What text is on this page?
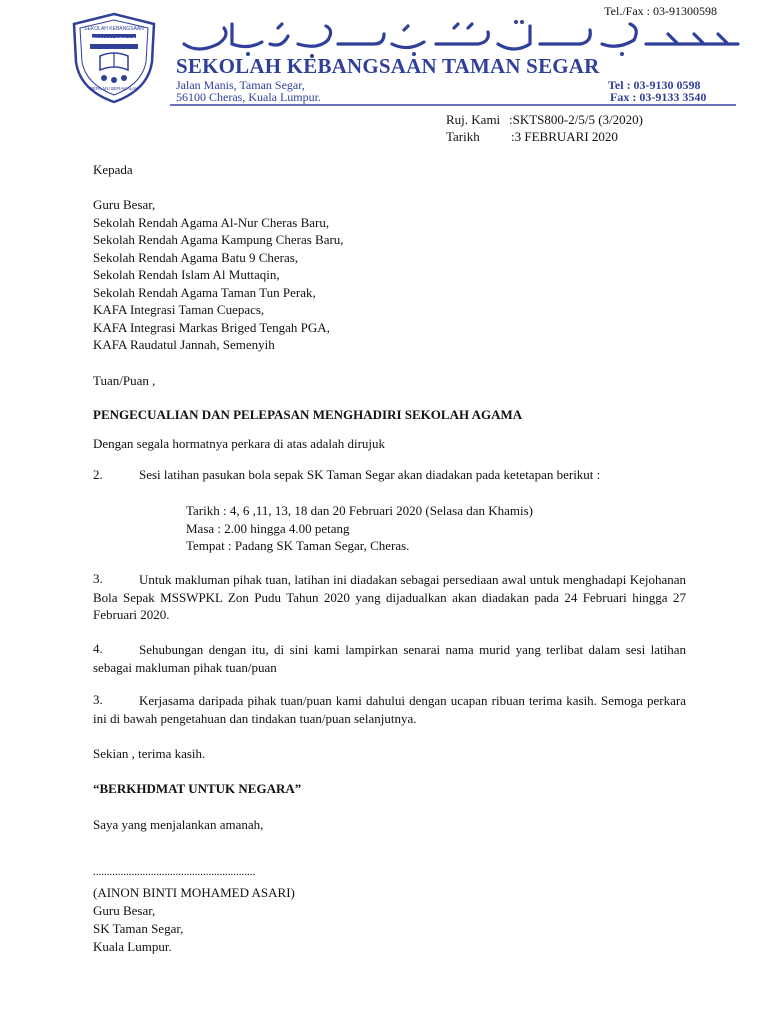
Tel./Fax : 03-91300598
SEKOLAH KEBANGSAAN
TAMAN SEGAR
BERILMU BERAKHLAK
SEKOLAH KEBANGSAAN TAMAN SEGAR
Jalan Manis, Taman Segar,
56100 Cheras, Kuala Lumpur.
Tel : 03-9130 0598
Fax : 03-9133 3540
Ruj. Kami :SKTS800-2/5/5 (3/2020)
Tarikh :3 FEBRUARI 2020
Kepada
Guru Besar,
Sekolah Rendah Agama Al-Nur Cheras Baru,
Sekolah Rendah Agama Kampung Cheras Baru,
Sekolah Rendah Agama Batu 9 Cheras,
Sekolah Rendah Islam Al Muttaqin,
Sekolah Rendah Agama Taman Tun Perak,
KAFA Integrasi Taman Cuepacs,
KAFA Integrasi Markas Briged Tengah PGA,
KAFA Raudatul Jannah, Semenyih
Tuan/Puan ,
PENGECUALIAN DAN PELEPASAN MENGHADIRI SEKOLAH AGAMA
Dengan segala hormatnya perkara di atas adalah dirujuk
2.	Sesi latihan pasukan bola sepak SK Taman Segar akan diadakan pada ketetapan berikut :
Tarikh : 4, 6 ,11, 13, 18 dan 20 Februari 2020 (Selasa dan Khamis)
Masa : 2.00 hingga 4.00 petang
Tempat : Padang SK Taman Segar, Cheras.
3.	Untuk makluman pihak tuan, latihan ini diadakan sebagai persediaan awal untuk menghadapi Kejohanan Bola Sepak MSSWPKL Zon Pudu Tahun 2020 yang dijadualkan akan diadakan pada 24 Februari hingga 27 Februari 2020.
4.	Sehubungan dengan itu, di sini kami lampirkan senarai nama murid yang terlibat dalam sesi latihan sebagai makluman pihak tuan/puan
3.	Kerjasama daripada pihak tuan/puan kami dahului dengan ucapan ribuan terima kasih. Semoga perkara ini di bawah pengetahuan dan tindakan tuan/puan selanjutnya.
Sekian , terima kasih.
“BERKHDMAT UNTUK NEGARA”
Saya yang menjalankan amanah,
...........................................................
(AINON BINTI MOHAMED ASARI)
Guru Besar,
SK Taman Segar,
Kuala Lumpur.
